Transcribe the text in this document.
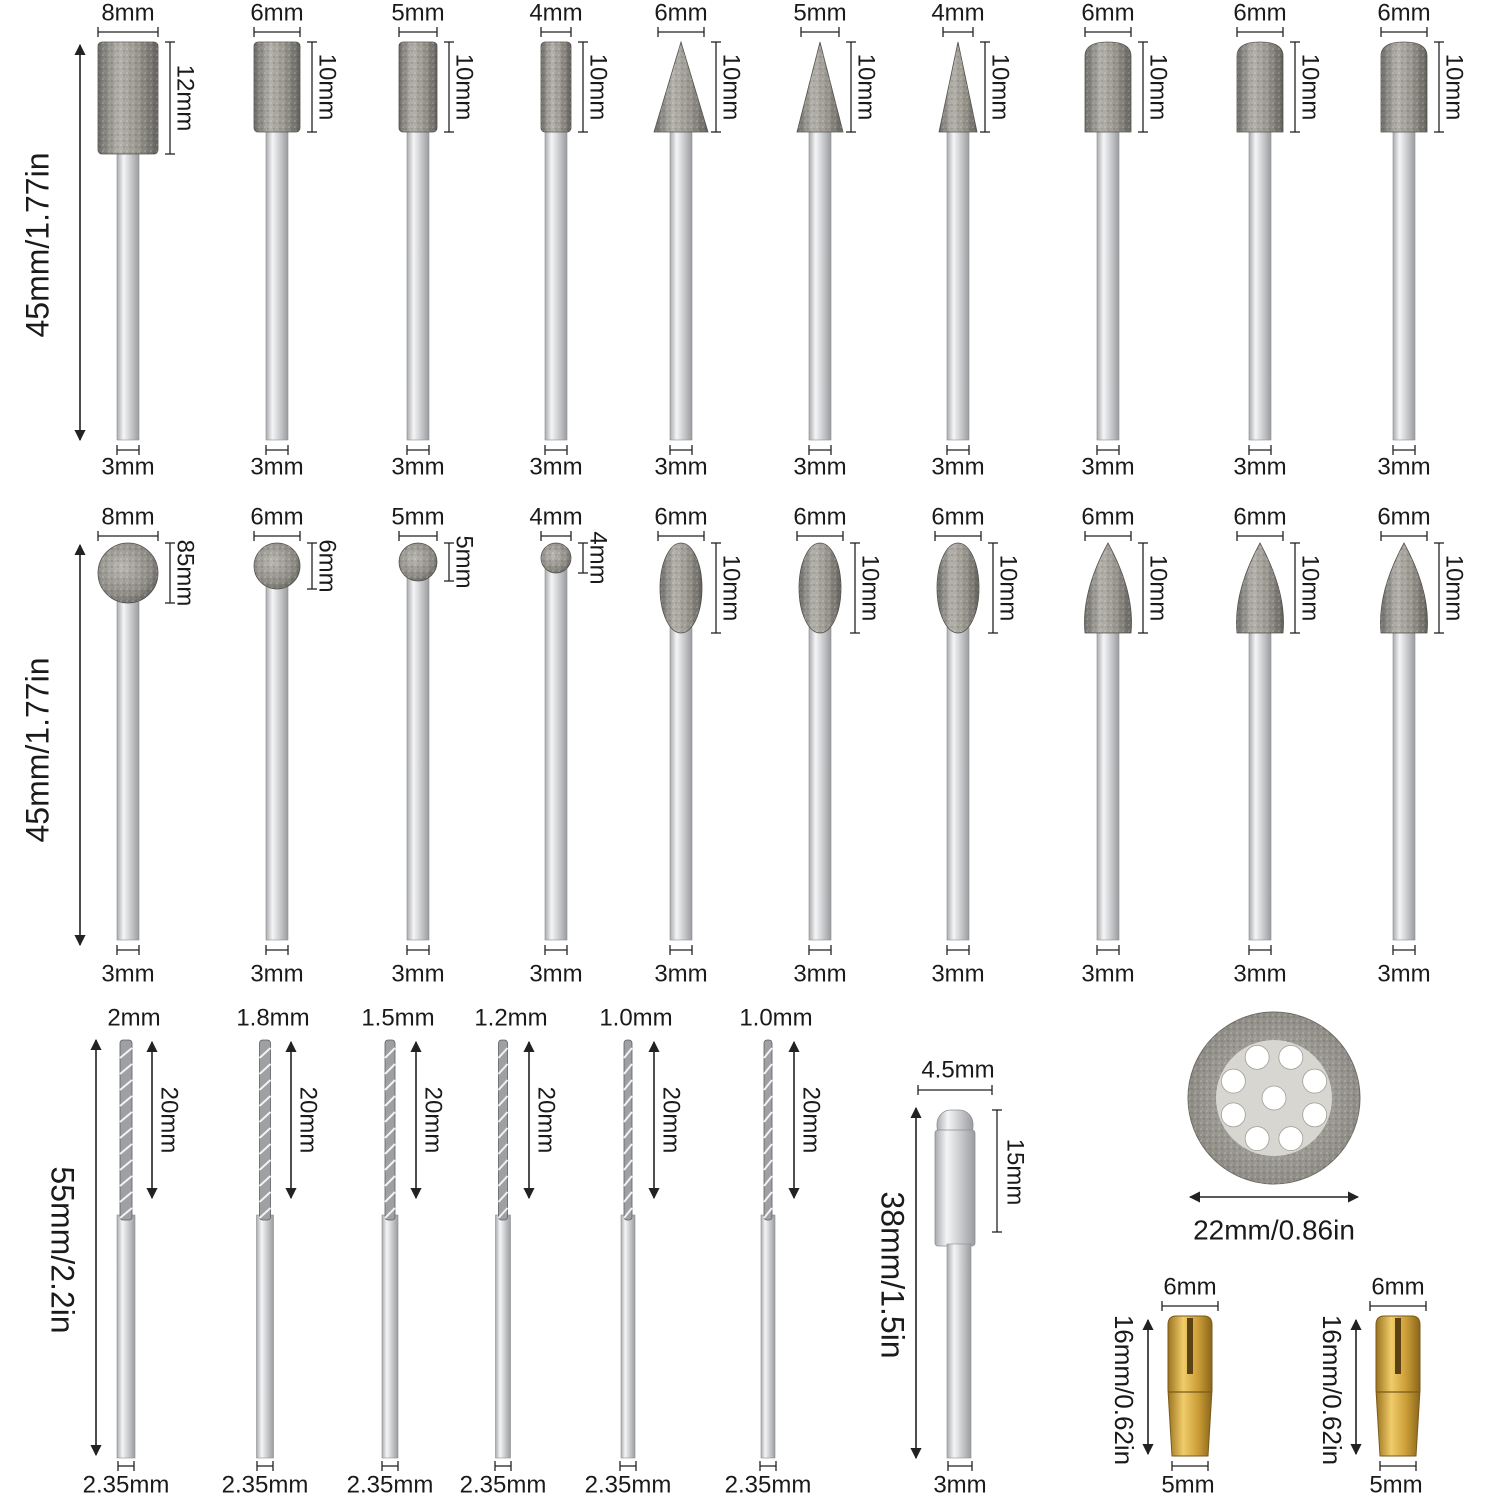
45mm/1.77in
8mm
12mm
3mm
6mm
10mm
3mm
5mm
10mm
3mm
4mm
10mm
3mm
6mm
10mm
3mm
5mm
10mm
3mm
4mm
10mm
3mm
6mm
10mm
3mm
6mm
10mm
3mm
6mm
10mm
3mm
45mm/1.77in
8mm
85mm
3mm
6mm
6mm
3mm
5mm
5mm
3mm
4mm
4mm
3mm
6mm
10mm
3mm
6mm
10mm
3mm
6mm
10mm
3mm
6mm
10mm
3mm
6mm
10mm
3mm
6mm
10mm
3mm
55mm/2.2in
2mm
20mm
2.35mm
1.8mm
20mm
2.35mm
1.5mm
20mm
2.35mm
1.2mm
20mm
2.35mm
1.0mm
20mm
2.35mm
1.0mm
20mm
2.35mm
4.5mm
38mm/1.5in
15mm
3mm
22mm/0.86in
6mm
16mm/0.62in
5mm
6mm
16mm/0.62in
5mm
